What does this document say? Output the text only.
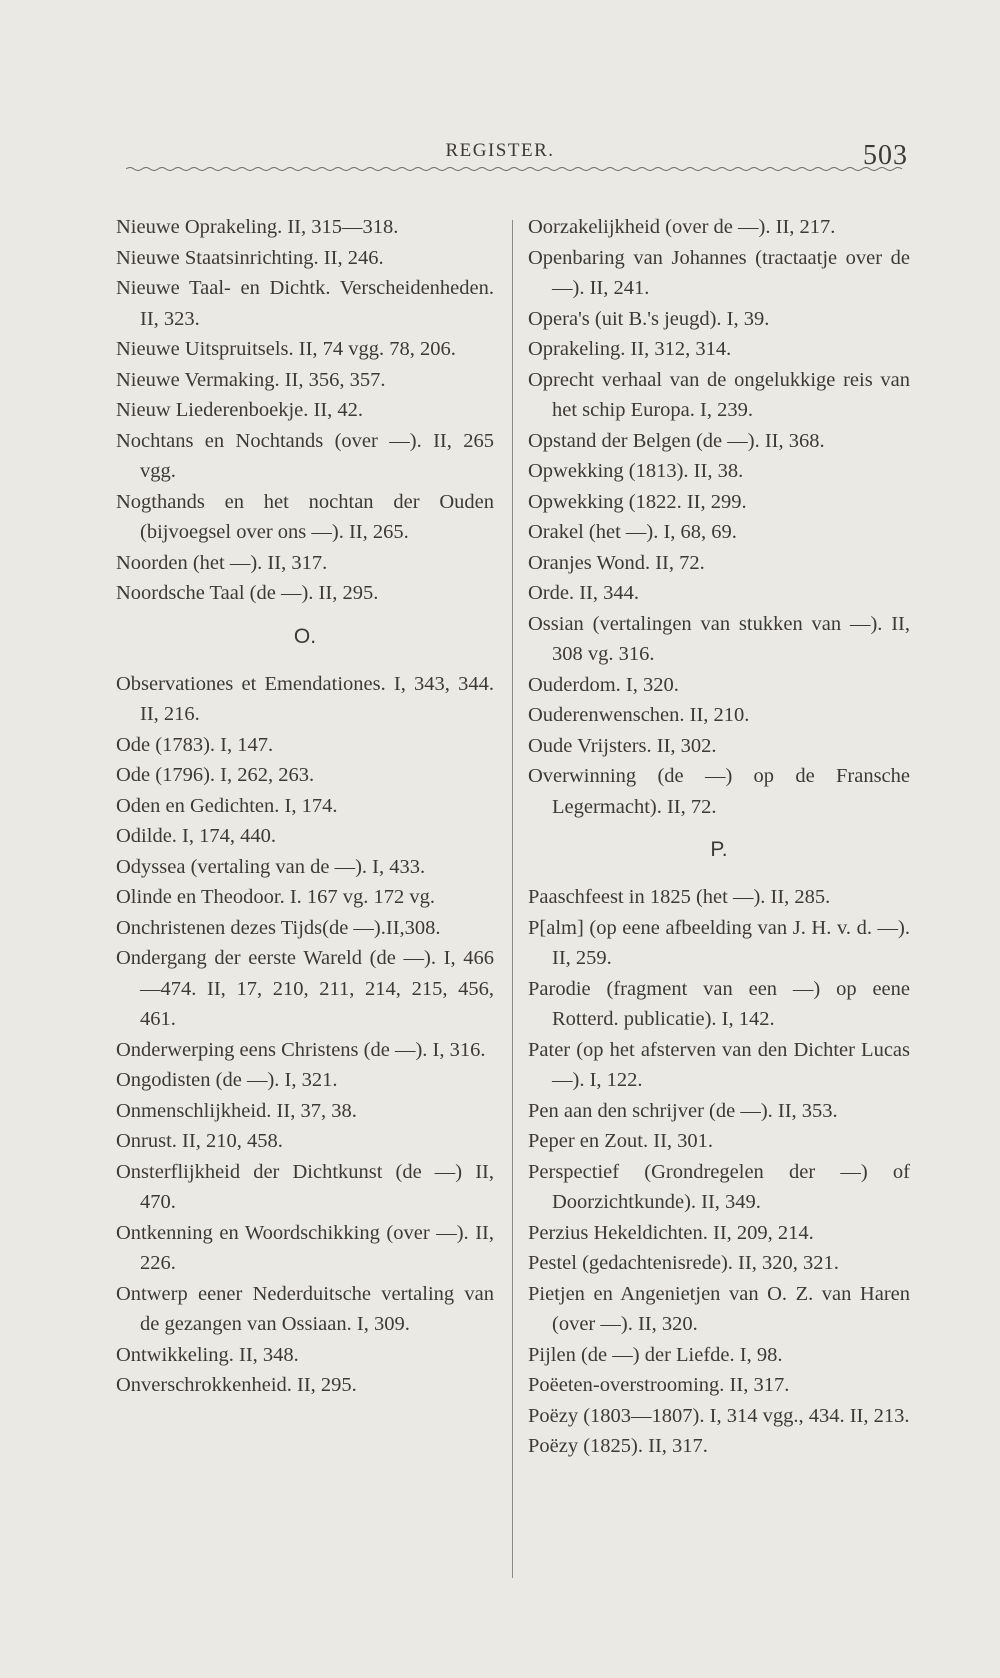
REGISTER.	503

Nieuwe Oprakeling. II, 315—318.

Nieuwe Staatsinrichting. II, 246.

Nieuwe Taal- en Dichtk. Verscheidenheden. II, 323.

Nieuwe Uitspruitsels. II, 74 vgg. 78, 206.

Nieuwe Vermaking. II, 356, 357.

Nieuw Liederenboekje. II, 42.

Nochtans en Nochtands (over —). II, 265 vgg.

Nogthands en het nochtan der Ouden (bijvoegsel over ons —). II, 265.

Noorden (het —). II, 317.

Noordsche Taal (de —). II, 295.

O.

Observationes et Emendationes. I, 343, 344. II, 216.

Ode (1783). I, 147.

Ode (1796). I, 262, 263.

Oden en Gedichten. I, 174.

Odilde. I, 174, 440.

Odyssea (vertaling van de —). I, 433.

Olinde en Theodoor. I. 167 vg. 172 vg.

Onchristenen dezes Tijds(de —).II,308.

Ondergang der eerste Wareld (de —). I, 466—474. II, 17, 210, 211, 214, 215, 456, 461.

Onderwerping eens Christens (de —). I, 316.

Ongodisten (de —). I, 321.

Onmenschlijkheid. II, 37, 38.

Onrust. II, 210, 458.

Onsterflijkheid der Dichtkunst (de —) II, 470.

Ontkenning en Woordschikking (over —). II, 226.

Ontwerp eener Nederduitsche vertaling van de gezangen van Ossiaan. I, 309.

Ontwikkeling. II, 348.

Onverschrokkenheid. II, 295.

Oorzakelijkheid (over de —). II, 217.

Openbaring van Johannes (tractaatje over de —). II, 241.

Opera's (uit B.'s jeugd). I, 39.

Oprakeling. II, 312, 314.

Oprecht verhaal van de ongelukkige reis van het schip Europa. I, 239.

Opstand der Belgen (de —). II, 368.

Opwekking (1813). II, 38.

Opwekking (1822. II, 299.

Orakel (het —). I, 68, 69.

Oranjes Wond. II, 72.

Orde. II, 344.

Ossian (vertalingen van stukken van —). II, 308 vg. 316.

Ouderdom. I, 320.

Ouderenwenschen. II, 210.

Oude Vrijsters. II, 302.

Overwinning (de —) op de Fransche Legermacht). II, 72.

P.

Paaschfeest in 1825 (het —). II, 285.

P[alm] (op eene afbeelding van J. H. v. d. —). II, 259.

Parodie (fragment van een —) op eene Rotterd. publicatie). I, 142.

Pater (op het afsterven van den Dichter Lucas —). I, 122.

Pen aan den schrijver (de —). II, 353.

Peper en Zout. II, 301.

Perspectief (Grondregelen der —) of Doorzichtkunde). II, 349.

Perzius Hekeldichten. II, 209, 214.

Pestel (gedachtenisrede). II, 320, 321.

Pietjen en Angenietjen van O. Z. van Haren (over —). II, 320.

Pijlen (de —) der Liefde. I, 98.

Poëeten-overstrooming. II, 317.

Poëzy (1803—1807). I, 314 vgg., 434. II, 213.

Poëzy (1825). II, 317.
